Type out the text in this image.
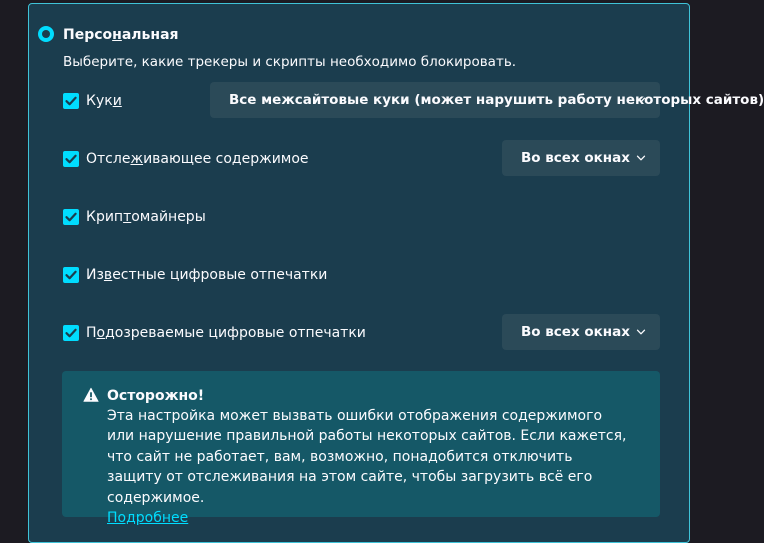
Персональная
Выберите, какие трекеры и скрипты необходимо блокировать.
Куки	Все межсайтовые куки (может нарушить работу некоторых сайтов)
Отслеживающее содержимое	Во всех окнах
Криптомайнеры
Известные цифровые отпечатки
Подозреваемые цифровые отпечатки	Во всех окнах
Осторожно!
Эта настройка может вызвать ошибки отображения содержимого или нарушение правильной работы некоторых сайтов. Если кажется, что сайт не работает, вам, возможно, понадобится отключить защиту от отслеживания на этом сайте, чтобы загрузить всё его содержимое.
Подробнее
